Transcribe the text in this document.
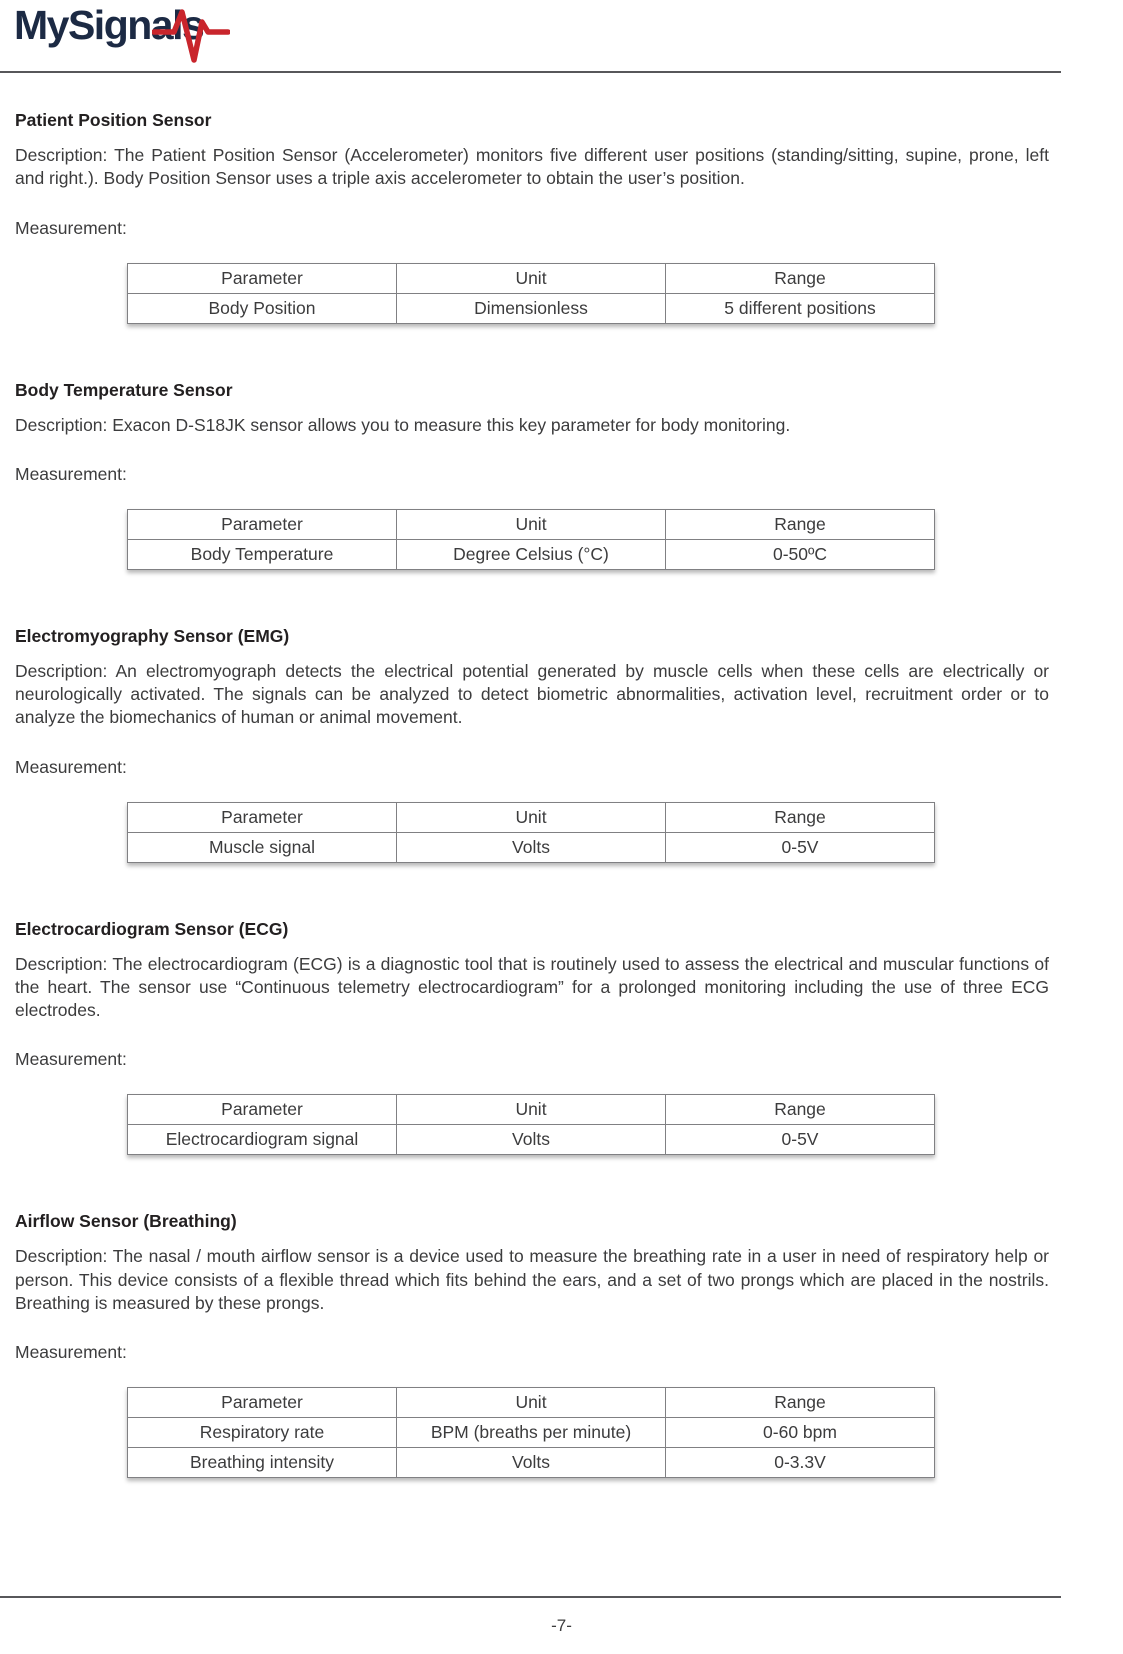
MySignals
Patient Position Sensor

Description: The Patient Position Sensor (Accelerometer) monitors five different user positions (standing/sitting, supine, prone, left and right.). Body Position Sensor uses a triple axis accelerometer to obtain the user’s position.

Measurement:

Parameter	Unit	Range
Body Position	Dimensionless	5 different positions
Body Temperature Sensor

Description: Exacon D-S18JK sensor allows you to measure this key parameter for body monitoring.

Measurement:

Parameter	Unit	Range
Body Temperature	Degree Celsius (°C)	0-50ºC
Electromyography Sensor (EMG)

Description: An electromyograph detects the electrical potential generated by muscle cells when these cells are electrically or neurologically activated. The signals can be analyzed to detect biometric abnormalities, activation level, recruitment order or to analyze the biomechanics of human or animal movement.

Measurement:

Parameter	Unit	Range
Muscle signal	Volts	0-5V
Electrocardiogram Sensor (ECG)

Description: The electrocardiogram (ECG) is a diagnostic tool that is routinely used to assess the electrical and muscular functions of the heart. The sensor use “Continuous telemetry electrocardiogram” for a prolonged monitoring including the use of three ECG electrodes.

Measurement:

Parameter	Unit	Range
Electrocardiogram signal	Volts	0-5V
Airflow Sensor (Breathing)

Description: The nasal / mouth airflow sensor is a device used to measure the breathing rate in a user in need of respiratory help or person. This device consists of a flexible thread which fits behind the ears, and a set of two prongs which are placed in the nostrils. Breathing is measured by these prongs.

Measurement:

Parameter	Unit	Range
Respiratory rate	BPM (breaths per minute)	0-60 bpm
Breathing intensity	Volts	0-3.3V
-7-
